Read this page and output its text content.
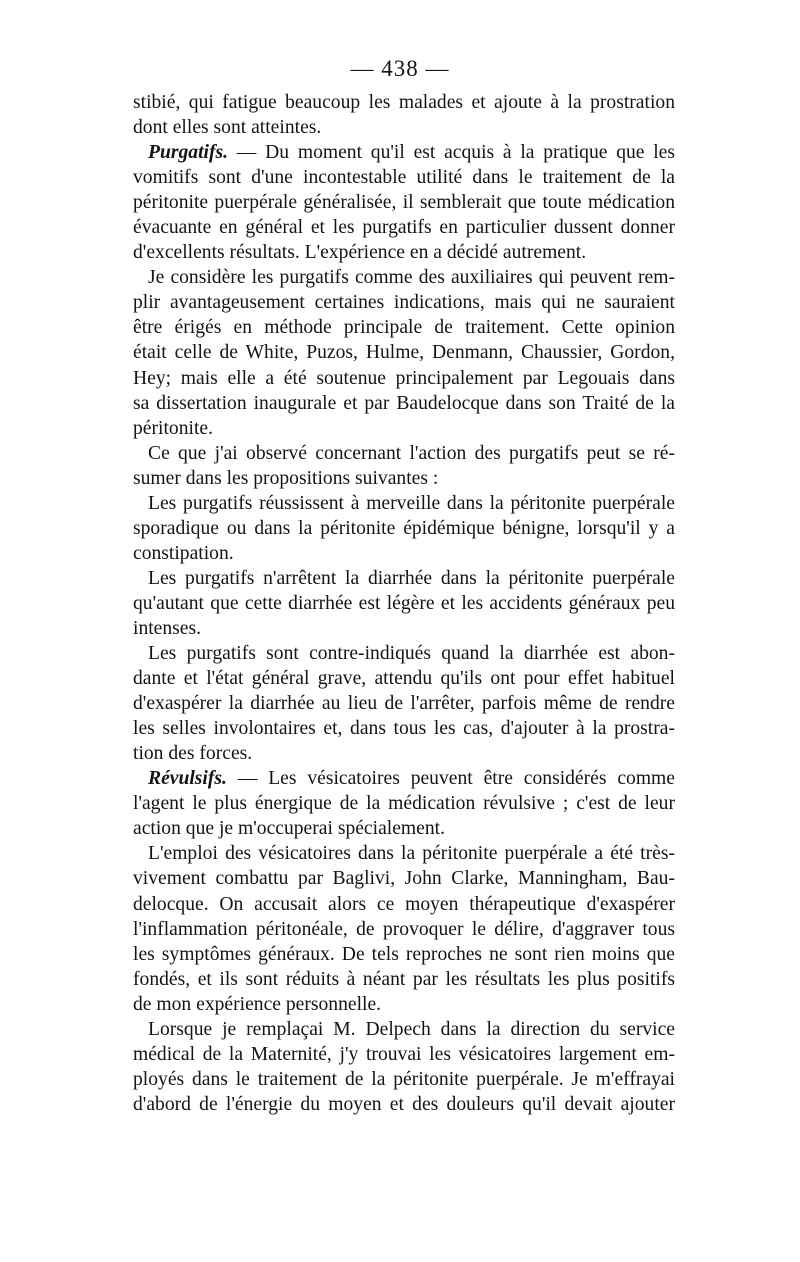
— 438 —
stibié, qui fatigue beaucoup les malades et ajoute à la prostration
dont elles sont atteintes.
Purgatifs. — Du moment qu'il est acquis à la pratique que les
vomitifs sont d'une incontestable utilité dans le traitement de la
péritonite puerpérale généralisée, il semblerait que toute médication
évacuante en général et les purgatifs en particulier dussent donner
d'excellents résultats. L'expérience en a décidé autrement.
Je considère les purgatifs comme des auxiliaires qui peuvent rem-
plir avantageusement certaines indications, mais qui ne sauraient
être érigés en méthode principale de traitement. Cette opinion
était celle de White, Puzos, Hulme, Denmann, Chaussier, Gordon,
Hey; mais elle a été soutenue principalement par Legouais dans
sa dissertation inaugurale et par Baudelocque dans son Traité de la
péritonite.
Ce que j'ai observé concernant l'action des purgatifs peut se ré-
sumer dans les propositions suivantes :
Les purgatifs réussissent à merveille dans la péritonite puerpérale
sporadique ou dans la péritonite épidémique bénigne, lorsqu'il y a
constipation.
Les purgatifs n'arrêtent la diarrhée dans la péritonite puerpérale
qu'autant que cette diarrhée est légère et les accidents généraux peu
intenses.
Les purgatifs sont contre-indiqués quand la diarrhée est abon-
dante et l'état général grave, attendu qu'ils ont pour effet habituel
d'exaspérer la diarrhée au lieu de l'arrêter, parfois même de rendre
les selles involontaires et, dans tous les cas, d'ajouter à la prostra-
tion des forces.
Révulsifs. — Les vésicatoires peuvent être considérés comme
l'agent le plus énergique de la médication révulsive ; c'est de leur
action que je m'occuperai spécialement.
L'emploi des vésicatoires dans la péritonite puerpérale a été très-
vivement combattu par Baglivi, John Clarke, Manningham, Bau-
delocque. On accusait alors ce moyen thérapeutique d'exaspérer
l'inflammation péritonéale, de provoquer le délire, d'aggraver tous
les symptômes généraux. De tels reproches ne sont rien moins que
fondés, et ils sont réduits à néant par les résultats les plus positifs
de mon expérience personnelle.
Lorsque je remplaçai M. Delpech dans la direction du service
médical de la Maternité, j'y trouvai les vésicatoires largement em-
ployés dans le traitement de la péritonite puerpérale. Je m'effrayai
d'abord de l'énergie du moyen et des douleurs qu'il devait ajouter
